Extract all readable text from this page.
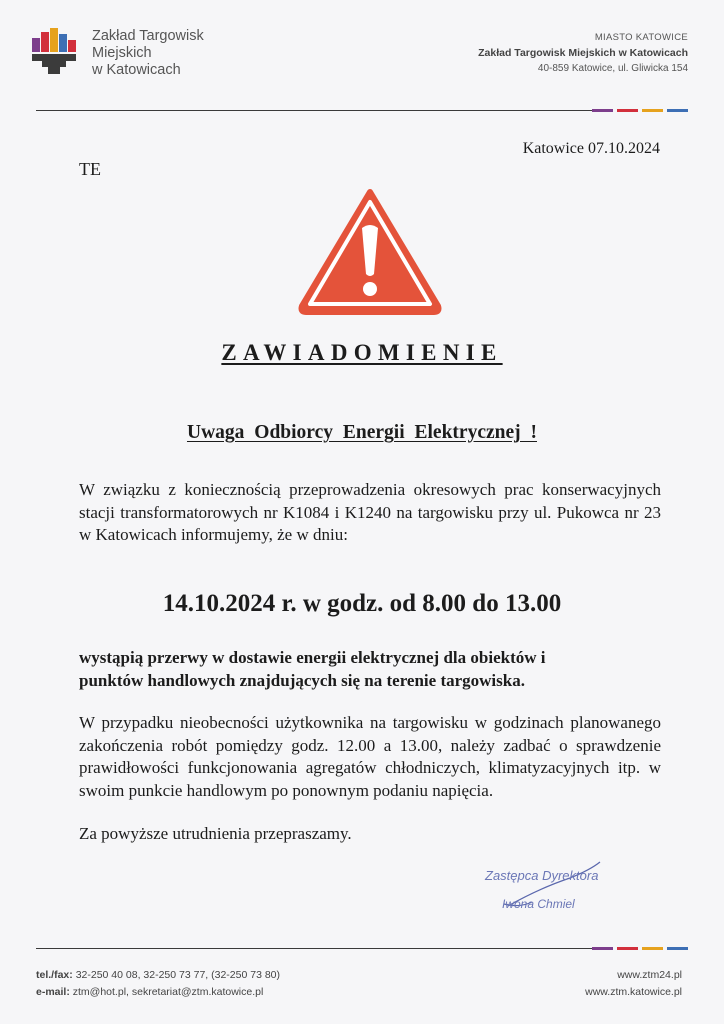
Zakład Targowisk
Miejskich
w Katowicach
MIASTO KATOWICE
Zakład Targowisk Miejskich w Katowicach
40-859 Katowice, ul. Gliwicka 154
Katowice 07.10.2024
TE
ZAWIADOMIENIE
Uwaga Odbiorcy Energii Elektrycznej !

W związku z koniecznością przeprowadzenia okresowych prac konserwacyjnych stacji transformatorowych nr K1084 i K1240 na targowisku przy ul. Pukowca nr 23 w Katowicach informujemy, że w dniu:

14.10.2024 r. w godz. od 8.00 do 13.00
wystąpią przerwy w dostawie energii elektrycznej dla obiektów i
punktów handlowych znajdujących się na terenie targowiska.

W przypadku nieobecności użytkownika na targowisku w godzinach planowanego zakończenia robót pomiędzy godz. 12.00 a 13.00, należy zadbać o sprawdzenie prawidłowości funkcjonowania agregatów chłodniczych, klimatyzacyjnych itp. w swoim punkcie handlowym po ponownym podaniu napięcia.

Za powyższe utrudnienia przepraszamy.
Zastępca Dyrektora
Iwona Chmiel
tel./fax: 32-250 40 08, 32-250 73 77, (32-250 73 80)
e-mail: ztm@hot.pl, sekretariat@ztm.katowice.pl
www.ztm24.pl
www.ztm.katowice.pl
